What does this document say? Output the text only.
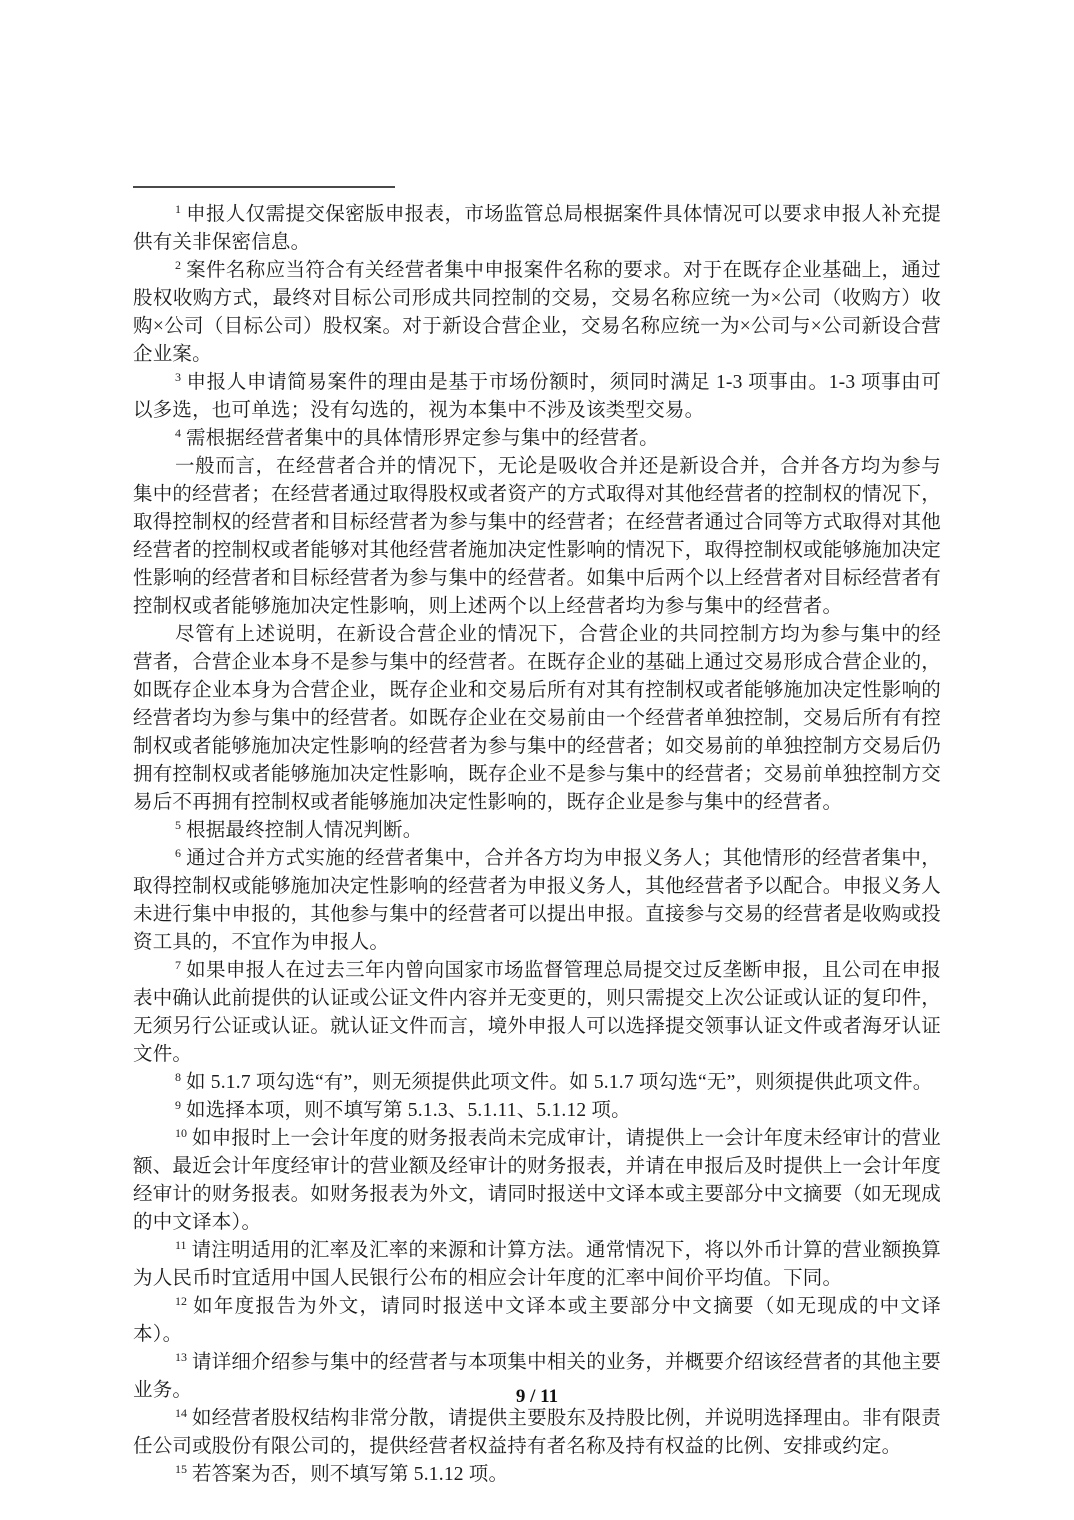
$^1$ 申报人仅需提交保密版申报表，市场监管总局根据案件具体情况可以要求申报人补充提供有关非保密信息。

$^2$ 案件名称应当符合有关经营者集中申报案件名称的要求。对于在既存企业基础上，通过股权收购方式，最终对目标公司形成共同控制的交易，交易名称应统一为×公司（收购方）收购×公司（目标公司）股权案。对于新设合营企业，交易名称应统一为×公司与×公司新设合营企业案。

$^3$ 申报人申请简易案件的理由是基于市场份额时，须同时满足 1-3 项事由。1-3 项事由可以多选，也可单选；没有勾选的，视为本集中不涉及该类型交易。

$^4$ 需根据经营者集中的具体情形界定参与集中的经营者。

一般而言，在经营者合并的情况下，无论是吸收合并还是新设合并，合并各方均为参与集中的经营者；在经营者通过取得股权或者资产的方式取得对其他经营者的控制权的情况下，取得控制权的经营者和目标经营者为参与集中的经营者；在经营者通过合同等方式取得对其他经营者的控制权或者能够对其他经营者施加决定性影响的情况下，取得控制权或能够施加决定性影响的经营者和目标经营者为参与集中的经营者。如集中后两个以上经营者对目标经营者有控制权或者能够施加决定性影响，则上述两个以上经营者均为参与集中的经营者。

尽管有上述说明，在新设合营企业的情况下，合营企业的共同控制方均为参与集中的经营者，合营企业本身不是参与集中的经营者。在既存企业的基础上通过交易形成合营企业的，如既存企业本身为合营企业，既存企业和交易后所有对其有控制权或者能够施加决定性影响的经营者均为参与集中的经营者。如既存企业在交易前由一个经营者单独控制，交易后所有有控制权或者能够施加决定性影响的经营者为参与集中的经营者；如交易前的单独控制方交易后仍拥有控制权或者能够施加决定性影响，既存企业不是参与集中的经营者；交易前单独控制方交易后不再拥有控制权或者能够施加决定性影响的，既存企业是参与集中的经营者。

$^5$ 根据最终控制人情况判断。

$^6$ 通过合并方式实施的经营者集中，合并各方均为申报义务人；其他情形的经营者集中，取得控制权或能够施加决定性影响的经营者为申报义务人，其他经营者予以配合。申报义务人未进行集中申报的，其他参与集中的经营者可以提出申报。直接参与交易的经营者是收购或投资工具的，不宜作为申报人。

$^7$ 如果申报人在过去三年内曾向国家市场监督管理总局提交过反垄断申报，且公司在申报表中确认此前提供的认证或公证文件内容并无变更的，则只需提交上次公证或认证的复印件，无须另行公证或认证。就认证文件而言，境外申报人可以选择提交领事认证文件或者海牙认证文件。

$^8$ 如 5.1.7 项勾选“有”，则无须提供此项文件。如 5.1.7 项勾选“无”，则须提供此项文件。

$^9$ 如选择本项，则不填写第 5.1.3、5.1.11、5.1.12 项。

$^{10}$ 如申报时上一会计年度的财务报表尚未完成审计，请提供上一会计年度未经审计的营业额、最近会计年度经审计的营业额及经审计的财务报表，并请在申报后及时提供上一会计年度经审计的财务报表。如财务报表为外文，请同时报送中文译本或主要部分中文摘要（如无现成的中文译本）。

$^{11}$ 请注明适用的汇率及汇率的来源和计算方法。通常情况下，将以外币计算的营业额换算为人民币时宜适用中国人民银行公布的相应会计年度的汇率中间价平均值。下同。

$^{12}$ 如年度报告为外文，请同时报送中文译本或主要部分中文摘要（如无现成的中文译本）。

$^{13}$ 请详细介绍参与集中的经营者与本项集中相关的业务，并概要介绍该经营者的其他主要业务。

$^{14}$ 如经营者股权结构非常分散，请提供主要股东及持股比例，并说明选择理由。非有限责任公司或股份有限公司的，提供经营者权益持有者名称及持有权益的比例、安排或约定。

$^{15}$ 若答案为否，则不填写第 5.1.12 项。

9 / 11
